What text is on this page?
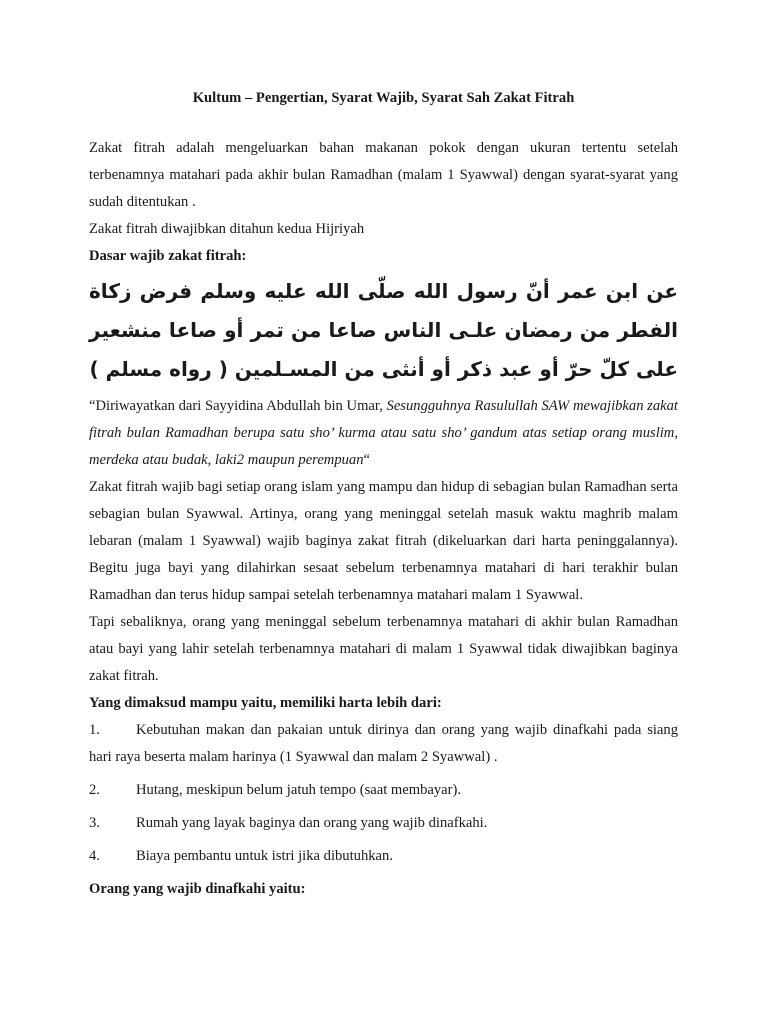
Kultum – Pengertian, Syarat Wajib, Syarat Sah Zakat Fitrah

Zakat fitrah adalah mengeluarkan bahan makanan pokok dengan ukuran tertentu setelah terbenamnya matahari pada akhir bulan Ramadhan (malam 1 Syawwal) dengan syarat-syarat yang sudah ditentukan .

Zakat fitrah diwajibkan ditahun kedua Hijriyah

Dasar wajib zakat fitrah:

عن ابن عمر أنّ رسول الله صلّى الله عليه وسلم فرض زكاة الفطر من رمضان علـى الناس صاعا من تمر أو صاعا منشعير على كلّ حرّ أو عبد ذكر أو أنثى من المسـلمين ( رواه مسلم )

“Diriwayatkan dari Sayyidina Abdullah bin Umar, Sesungguhnya Rasulullah SAW mewajibkan zakat fitrah bulan Ramadhan berupa satu sho’ kurma atau satu sho’ gandum atas setiap orang muslim, merdeka atau budak, laki2 maupun perempuan“

Zakat fitrah wajib bagi setiap orang islam yang mampu dan hidup di sebagian bulan Ramadhan serta sebagian bulan Syawwal. Artinya, orang yang meninggal setelah masuk waktu maghrib malam lebaran (malam 1 Syawwal) wajib baginya zakat fitrah (dikeluarkan dari harta peninggalannya). Begitu juga bayi yang dilahirkan sesaat sebelum terbenamnya matahari di hari terakhir bulan Ramadhan dan terus hidup sampai setelah terbenamnya matahari malam 1 Syawwal.

Tapi sebaliknya, orang yang meninggal sebelum terbenamnya matahari di akhir bulan Ramadhan atau bayi yang lahir setelah terbenamnya matahari di malam 1 Syawwal tidak diwajibkan baginya zakat fitrah.

Yang dimaksud mampu yaitu, memiliki harta lebih dari:

1.	Kebutuhan makan dan pakaian untuk dirinya dan orang yang wajib dinafkahi pada siang hari raya beserta malam harinya (1 Syawwal dan malam 2 Syawwal) .
2.	Hutang, meskipun belum jatuh tempo (saat membayar).
3.	Rumah yang layak baginya dan orang yang wajib dinafkahi.
4.	Biaya pembantu untuk istri jika dibutuhkan.

Orang yang wajib dinafkahi yaitu:
